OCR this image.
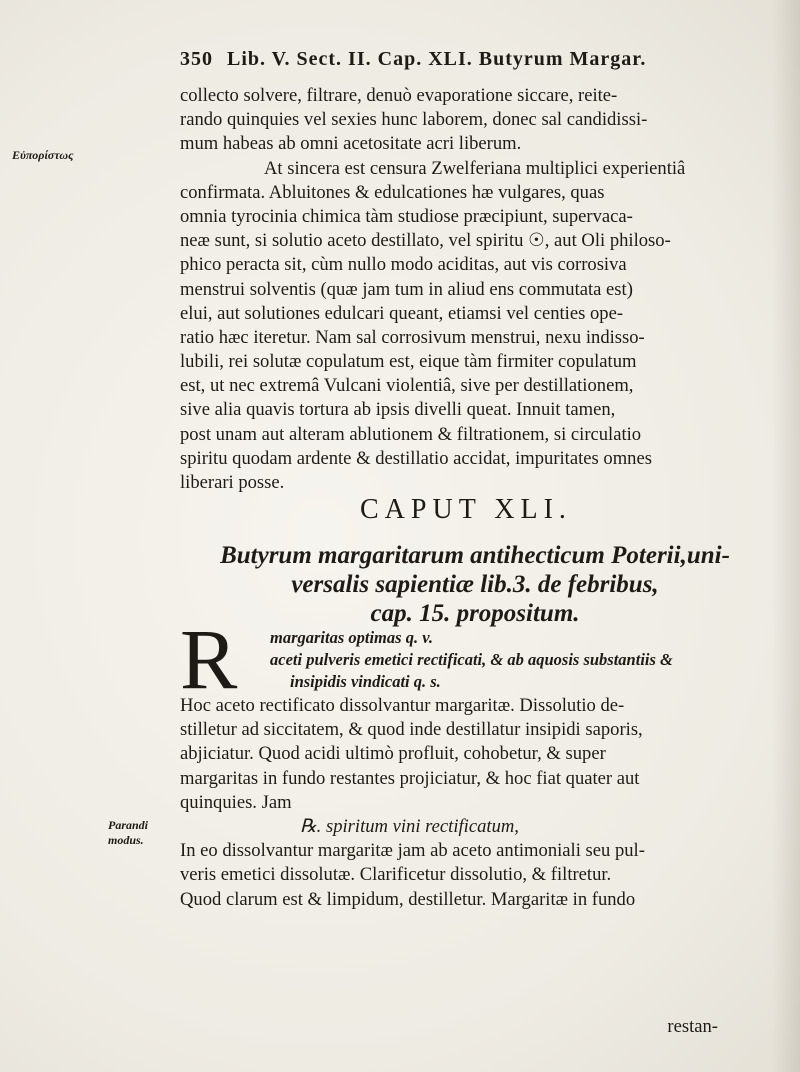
350 Lib. V. Sect. II. Cap. XLI. Butyrum Margar.
Εὐπορίστως
collecto solvere, filtrare, denuò evaporatione siccare, reite-
rando quinquies vel sexies hunc laborem, donec sal candidissi-
mum habeas ab omni acetositate acri liberum.
At sincera est censura Zwelferiana multiplici experientiâ
confirmata. Abluitones & edulcationes hæ vulgares, quas
omnia tyrocinia chimica tàm studiose præcipiunt, supervaca-
neæ sunt, si solutio aceto destillato, vel spiritu ☉, aut Oli philoso-
phico peracta sit, cùm nullo modo aciditas, aut vis corrosiva
menstrui solventis (quæ jam tum in aliud ens commutata est)
elui, aut solutiones edulcari queant, etiamsi vel centies ope-
ratio hæc iteretur. Nam sal corrosivum menstrui, nexu indisso-
lubili, rei solutæ copulatum est, eique tàm firmiter copulatum
est, ut nec extremâ Vulcani violentiâ, sive per destillationem,
sive alia quavis tortura ab ipsis divelli queat. Innuit tamen,
post unam aut alteram ablutionem & filtrationem, si circulatio
spiritu quodam ardente & destillatio accidat, impuritates omnes
liberari posse.
CAPUT XLI.
Butyrum margaritarum antihecticum Poterii,uni-
versalis sapientiæ lib.3. de febribus,
cap. 15. propositum.
R margaritas optimas q. v.
aceti pulveris emetici rectificati, & ab aquosis substantiis &
insipidis vindicati q. s.
Hoc aceto rectificato dissolvantur margaritæ. Dissolutio de-
stilletur ad siccitatem, & quod inde destillatur insipidi saporis,
abjiciatur. Quod acidi ultimò profluit, cohobetur, & super
margaritas in fundo restantes projiciatur, & hoc fiat quater aut
quinquies. Jam
℞. spiritum vini rectificatum,
In eo dissolvantur margaritæ jam ab aceto antimoniali seu pul-
veris emetici dissolutæ. Clarificetur dissolutio, & filtretur.
Quod clarum est & limpidum, destilletur. Margaritæ in fundo
Parandi
modus.
restan-
